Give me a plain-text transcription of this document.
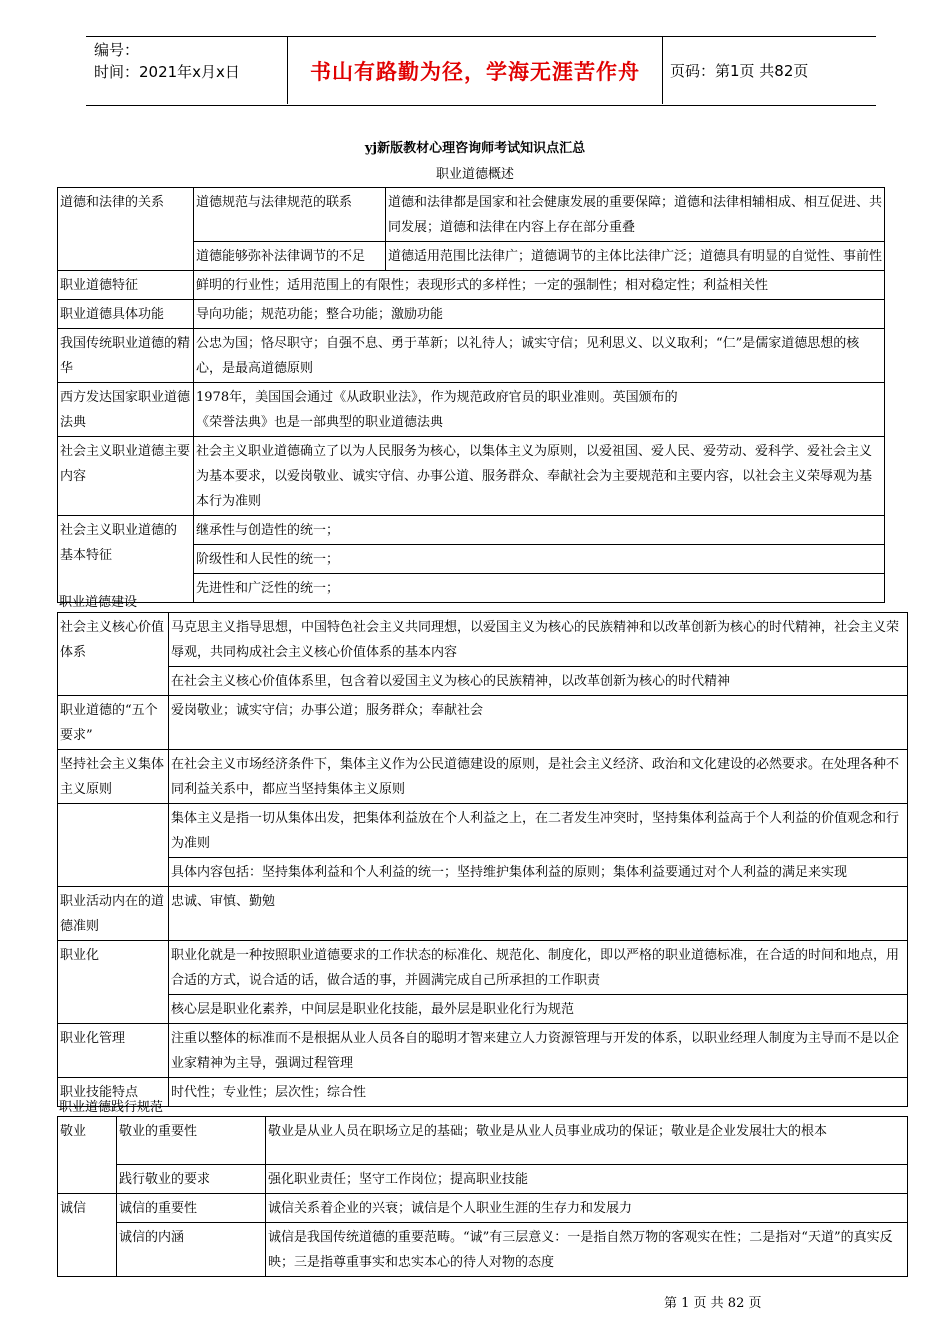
编号：
时间：2021年x月x日	书山有路勤为径，学海无涯苦作舟	页码：第1页 共82页
yj新版教材心理咨询师考试知识点汇总
职业道德概述
道德和法律的关系	道德规范与法律规范的联系	道德和法律都是国家和社会健康发展的重要保障；道德和法律相辅相成、相互促进、共同发展；道德和法律在内容上存在部分重叠
	道德能够弥补法律调节的不足	道德适用范围比法律广；道德调节的主体比法律广泛；道德具有明显的自觉性、事前性
职业道德特征	鲜明的行业性；适用范围上的有限性；表现形式的多样性；一定的强制性；相对稳定性；利益相关性	
职业道德具体功能	导向功能；规范功能；整合功能；激励功能	
我国传统职业道德的精华	公忠为国；恪尽职守；自强不息、勇于革新；以礼待人；诚实守信；见利思义、以义取利；“仁”是儒家道德思想的核心，是最高道德原则	
西方发达国家职业道德法典	1978年，美国国会通过《从政职业法》，作为规范政府官员的职业准则。英国颁布的
《荣誉法典》也是一部典型的职业道德法典	

社会主义职业道德主要内容	社会主义职业道德确立了以为人民服务为核心，以集体主义为原则，以爱祖国、爱人民、爱劳动、爱科学、爱社会主义为基本要求，以爱岗敬业、诚实守信、办事公道、服务群众、奉献社会为主要规范和主要内容，以社会主义荣辱观为基本行为准则	

社会主义职业道德的
基本特征	继承性与创造性的统一；	
	阶级性和人民性的统一；	
	先进性和广泛性的统一；	
职业道德建设
社会主义核心价值体系	马克思主义指导思想，中国特色社会主义共同理想，以爱国主义为核心的民族精神和以改革创新为核心的时代精神，社会主义荣辱观，共同构成社会主义核心价值体系的基本内容
	在社会主义核心价值体系里，包含着以爱国主义为核心的民族精神，以改革创新为核心的时代精神
职业道德的“五个要求”	爱岗敬业；诚实守信；办事公道；服务群众；奉献社会
坚持社会主义集体主义原则	在社会主义市场经济条件下，集体主义作为公民道德建设的原则，是社会主义经济、政治和文化建设的必然要求。在处理各种不同利益关系中，都应当坚持集体主义原则
	集体主义是指一切从集体出发，把集体利益放在个人利益之上，在二者发生冲突时，坚持集体利益高于个人利益的价值观念和行为准则
	具体内容包括：坚持集体利益和个人利益的统一；坚持维护集体利益的原则；集体利益要通过对个人利益的满足来实现
职业活动内在的道德准则	忠诚、审慎、勤勉
职业化	职业化就是一种按照职业道德要求的工作状态的标准化、规范化、制度化，即以严格的职业道德标准，在合适的时间和地点，用合适的方式，说合适的话，做合适的事，并圆满完成自己所承担的工作职责
	核心层是职业化素养，中间层是职业化技能，最外层是职业化行为规范
职业化管理	注重以整体的标准而不是根据从业人员各自的聪明才智来建立人力资源管理与开发的体系，以职业经理人制度为主导而不是以企业家精神为主导，强调过程管理
职业技能特点	时代性；专业性；层次性；综合性
职业道德践行规范
敬业	敬业的重要性	敬业是从业人员在职场立足的基础；敬业是从业人员事业成功的保证；敬业是企业发展壮大的根本
	践行敬业的要求	强化职业责任；坚守工作岗位；提高职业技能
诚信	诚信的重要性	诚信关系着企业的兴衰；诚信是个人职业生涯的生存力和发展力
	诚信的内涵	诚信是我国传统道德的重要范畴。“诚”有三层意义：一是指自然万物的客观实在性；二是指对“天道”的真实反映；三是指尊重事实和忠实本心的待人对物的态度
第 1 页 共 82 页
